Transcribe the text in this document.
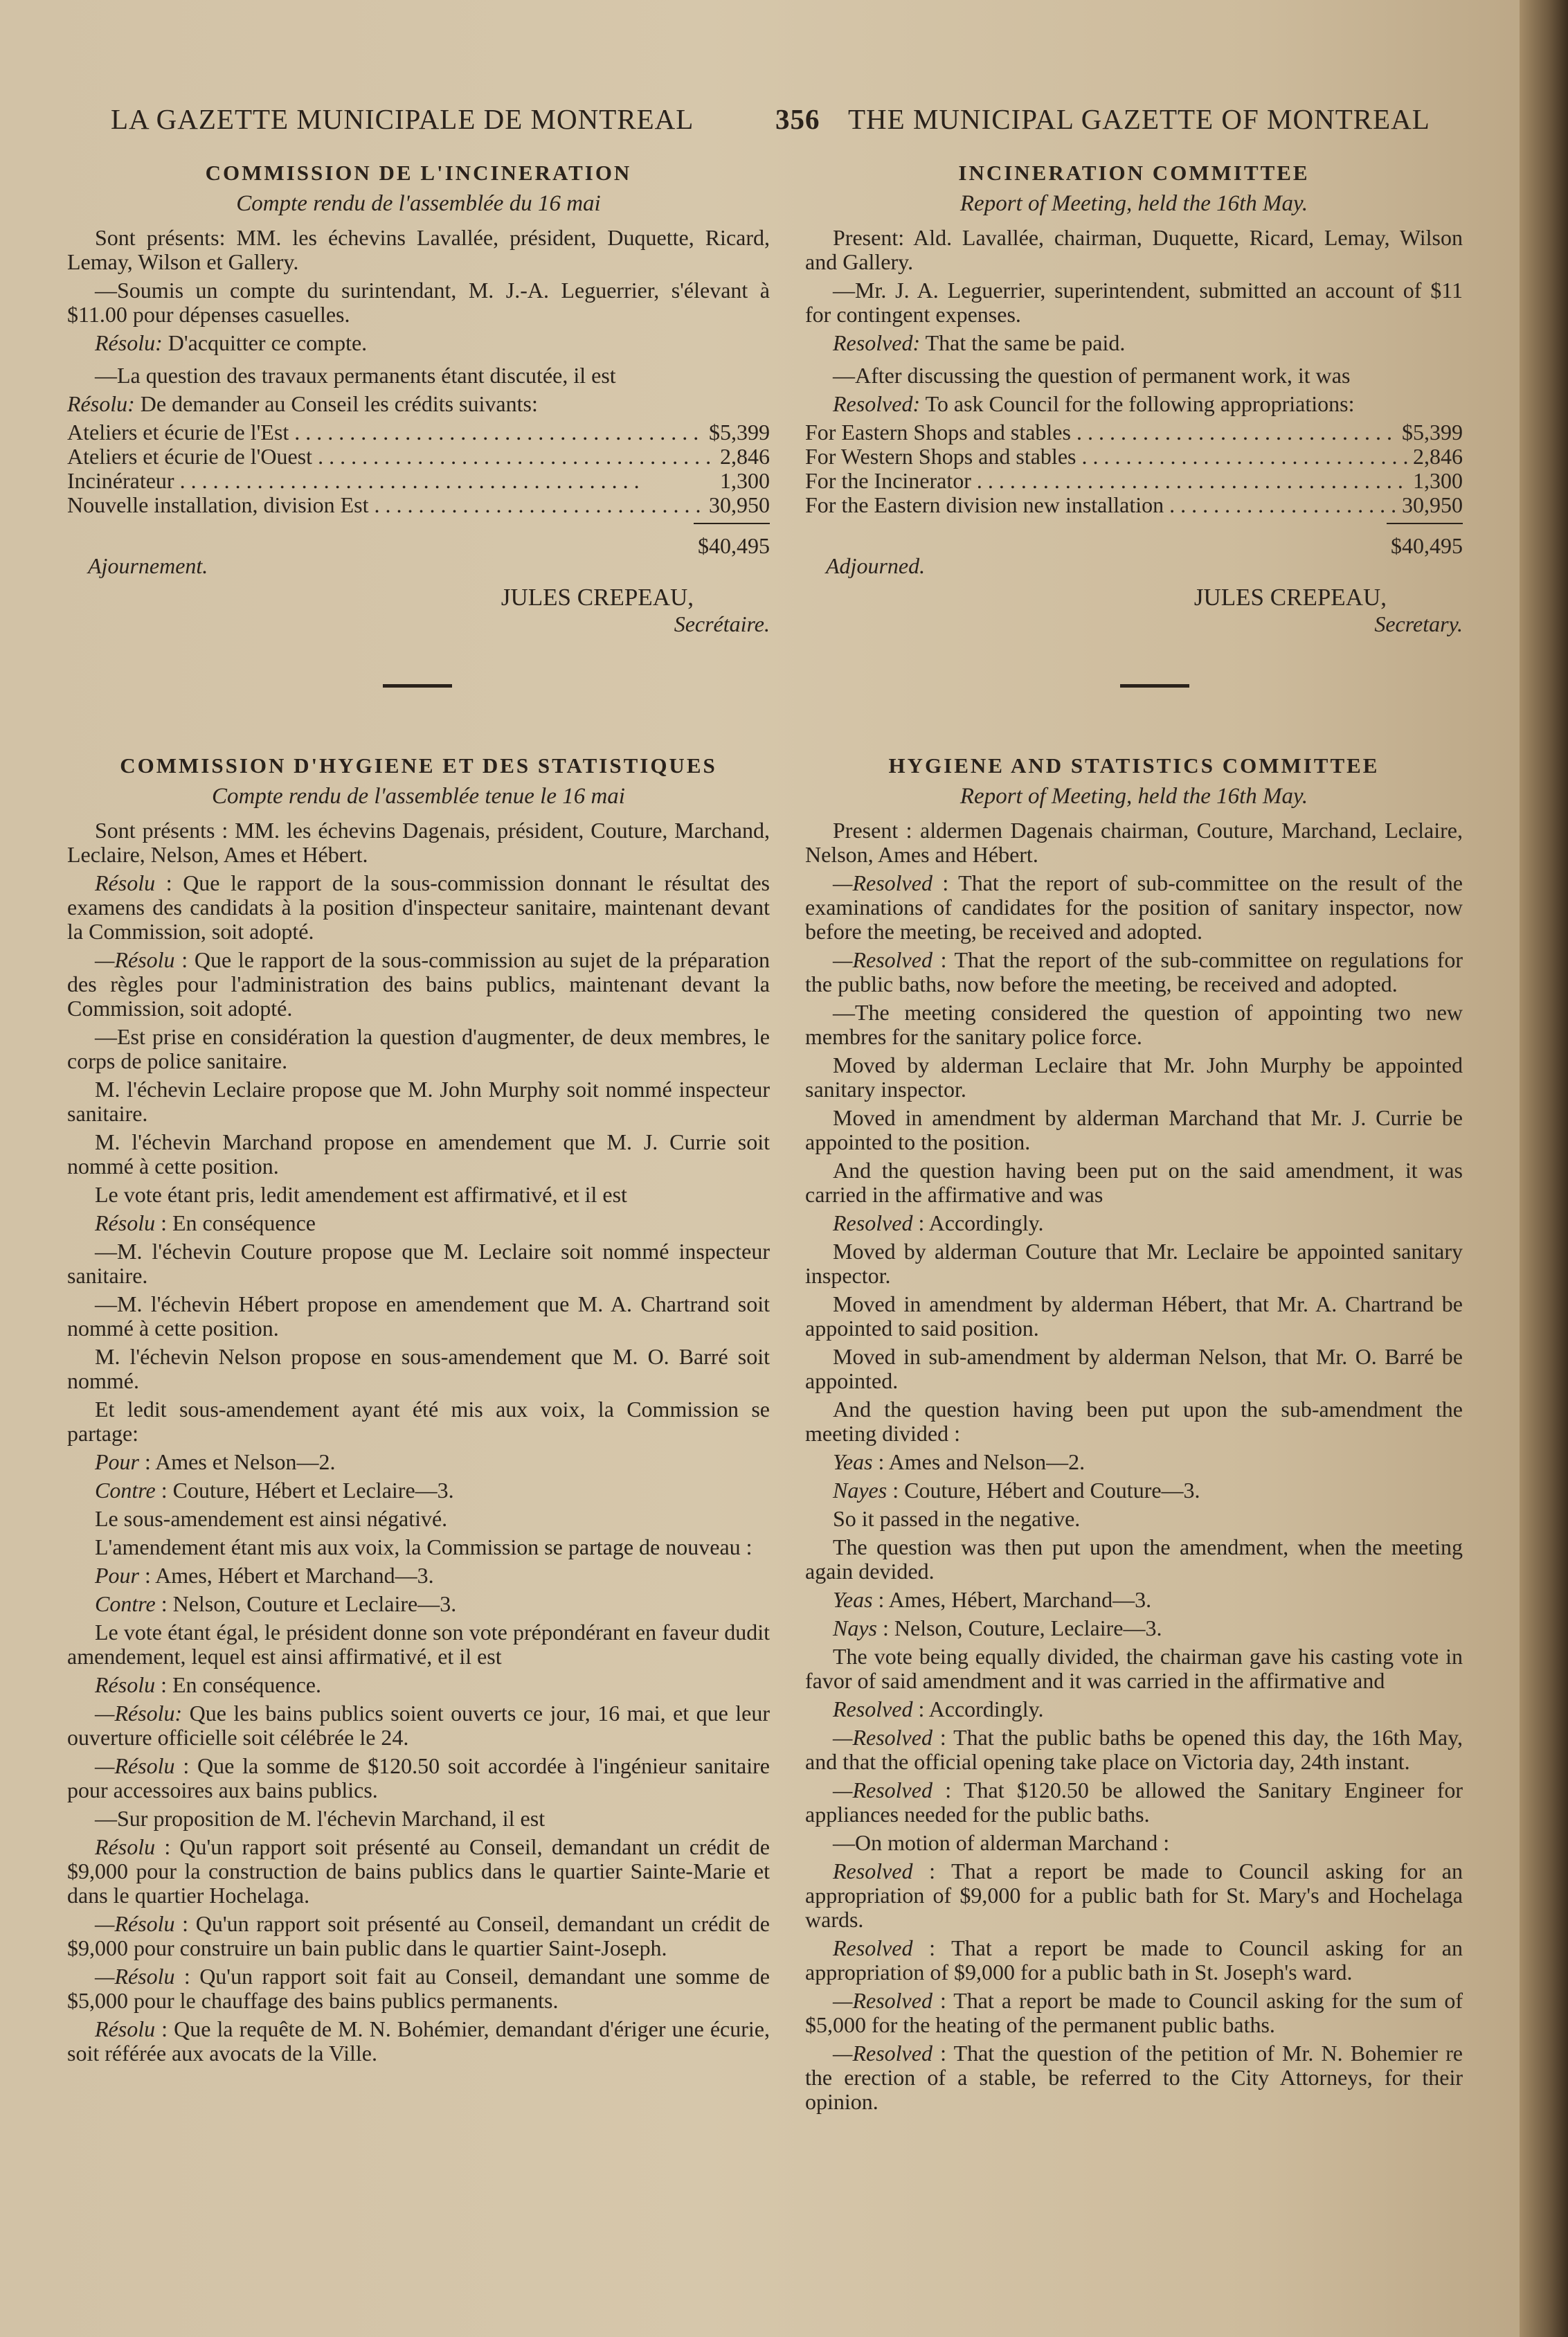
LA GAZETTE MUNICIPALE DE MONTREAL	356 THE MUNICIPAL GAZETTE OF MONTREAL
COMMISSION DE L'INCINERATION
Compte rendu de l'assemblée du 16 mai

Sont présents: MM. les échevins Lavallée, président, Duquette, Ricard, Lemay, Wilson et Gallery.

—Soumis un compte du surintendant, M. J.-A. Leguerrier, s'élevant à $11.00 pour dépenses casuelles.

Résolu: D'acquitter ce compte.

—La question des travaux permanents étant discutée, il est

Résolu: De demander au Conseil les crédits suivants:

Ateliers et écurie de l'Est . . .	$5,399
Ateliers et écurie de l'Ouest . . .	2,846
Incinérateur . . .	1,300
Nouvelle installation, division Est . . .	30,950
$40,495
Ajournement.
JULES CREPEAU,
Secrétaire.
INCINERATION COMMITTEE
Report of Meeting, held the 16th May.

Present: Ald. Lavallée, chairman, Duquette, Ricard, Lemay, Wilson and Gallery.

—Mr. J. A. Leguerrier, superintendent, submitted an account of $11 for contingent expenses.

Resolved: That the same be paid.

—After discussing the question of permanent work, it was

Resolved: To ask Council for the following appropriations:

For Eastern Shops and stables . . .	$5,399
For Western Shops and stables . . .	2,846
For the Incinerator . . .	1,300
For the Eastern division new installation . . .	30,950
$40,495
Adjourned.
JULES CREPEAU,
Secretary.
COMMISSION D'HYGIENE ET DES STATISTIQUES
Compte rendu de l'assemblée tenue le 16 mai

Sont présents : MM. les échevins Dagenais, président, Couture, Marchand, Leclaire, Nelson, Ames et Hébert.

Résolu : Que le rapport de la sous-commission donnant le résultat des examens des candidats à la position d'inspecteur sanitaire, maintenant devant la Commission, soit adopté.

—Résolu : Que le rapport de la sous-commission au sujet de la préparation des règles pour l'administration des bains publics, maintenant devant la Commission, soit adopté.

—Est prise en considération la question d'augmenter, de deux membres, le corps de police sanitaire.

M. l'échevin Leclaire propose que M. John Murphy soit nommé inspecteur sanitaire.

M. l'échevin Marchand propose en amendement que M. J. Currie soit nommé à cette position.

Le vote étant pris, ledit amendement est affirmativé, et il est

Résolu : En conséquence

—M. l'échevin Couture propose que M. Leclaire soit nommé inspecteur sanitaire.

—M. l'échevin Hébert propose en amendement que M. A. Chartrand soit nommé à cette position.

M. l'échevin Nelson propose en sous-amendement que M. O. Barré soit nommé.

Et ledit sous-amendement ayant été mis aux voix, la Commission se partage:

Pour : Ames et Nelson—2.

Contre : Couture, Hébert et Leclaire—3.

Le sous-amendement est ainsi négativé.

L'amendement étant mis aux voix, la Commission se partage de nouveau :

Pour : Ames, Hébert et Marchand—3.

Contre : Nelson, Couture et Leclaire—3.

Le vote étant égal, le président donne son vote prépondérant en faveur dudit amendement, lequel est ainsi affirmativé, et il est

Résolu : En conséquence.

—Résolu: Que les bains publics soient ouverts ce jour, 16 mai, et que leur ouverture officielle soit célébrée le 24.

—Résolu : Que la somme de $120.50 soit accordée à l'ingénieur sanitaire pour accessoires aux bains publics.

—Sur proposition de M. l'échevin Marchand, il est

Résolu : Qu'un rapport soit présenté au Conseil, demandant un crédit de $9,000 pour la construction de bains publics dans le quartier Sainte-Marie et dans le quartier Hochelaga.

—Résolu : Qu'un rapport soit présenté au Conseil, demandant un crédit de $9,000 pour construire un bain public dans le quartier Saint-Joseph.

—Résolu : Qu'un rapport soit fait au Conseil, demandant une somme de $5,000 pour le chauffage des bains publics permanents.

Résolu : Que la requête de M. N. Bohémier, demandant d'ériger une écurie, soit référée aux avocats de la Ville.

HYGIENE AND STATISTICS COMMITTEE
Report of Meeting, held the 16th May.

Present : aldermen Dagenais chairman, Couture, Marchand, Leclaire, Nelson, Ames and Hébert.

—Resolved : That the report of sub-committee on the result of the examinations of candidates for the position of sanitary inspector, now before the meeting, be received and adopted.

—Resolved : That the report of the sub-committee on regulations for the public baths, now before the meeting, be received and adopted.

—The meeting considered the question of appointing two new membres for the sanitary police force.

Moved by alderman Leclaire that Mr. John Murphy be appointed sanitary inspector.

Moved in amendment by alderman Marchand that Mr. J. Currie be appointed to the position.

And the question having been put on the said amendment, it was carried in the affirmative and was

Resolved : Accordingly.

Moved by alderman Couture that Mr. Leclaire be appointed sanitary inspector.

Moved in amendment by alderman Hébert, that Mr. A. Chartrand be appointed to said position.

Moved in sub-amendment by alderman Nelson, that Mr. O. Barré be appointed.

And the question having been put upon the sub-amendment the meeting divided :

Yeas : Ames and Nelson—2.

Nayes : Couture, Hébert and Couture—3.

So it passed in the negative.

The question was then put upon the amendment, when the meeting again devided.

Yeas : Ames, Hébert, Marchand—3.

Nays : Nelson, Couture, Leclaire—3.

The vote being equally divided, the chairman gave his casting vote in favor of said amendment and it was carried in the affirmative and

Resolved : Accordingly.

—Resolved : That the public baths be opened this day, the 16th May, and that the official opening take place on Victoria day, 24th instant.

—Resolved : That $120.50 be allowed the Sanitary Engineer for appliances needed for the public baths.

—On motion of alderman Marchand :

Resolved : That a report be made to Council asking for an appropriation of $9,000 for a public bath for St. Mary's and Hochelaga wards.

Resolved : That a report be made to Council asking for an appropriation of $9,000 for a public bath in St. Joseph's ward.

—Resolved : That a report be made to Council asking for the sum of $5,000 for the heating of the permanent public baths.

—Resolved : That the question of the petition of Mr. N. Bohemier re the erection of a stable, be referred to the City Attorneys, for their opinion.
